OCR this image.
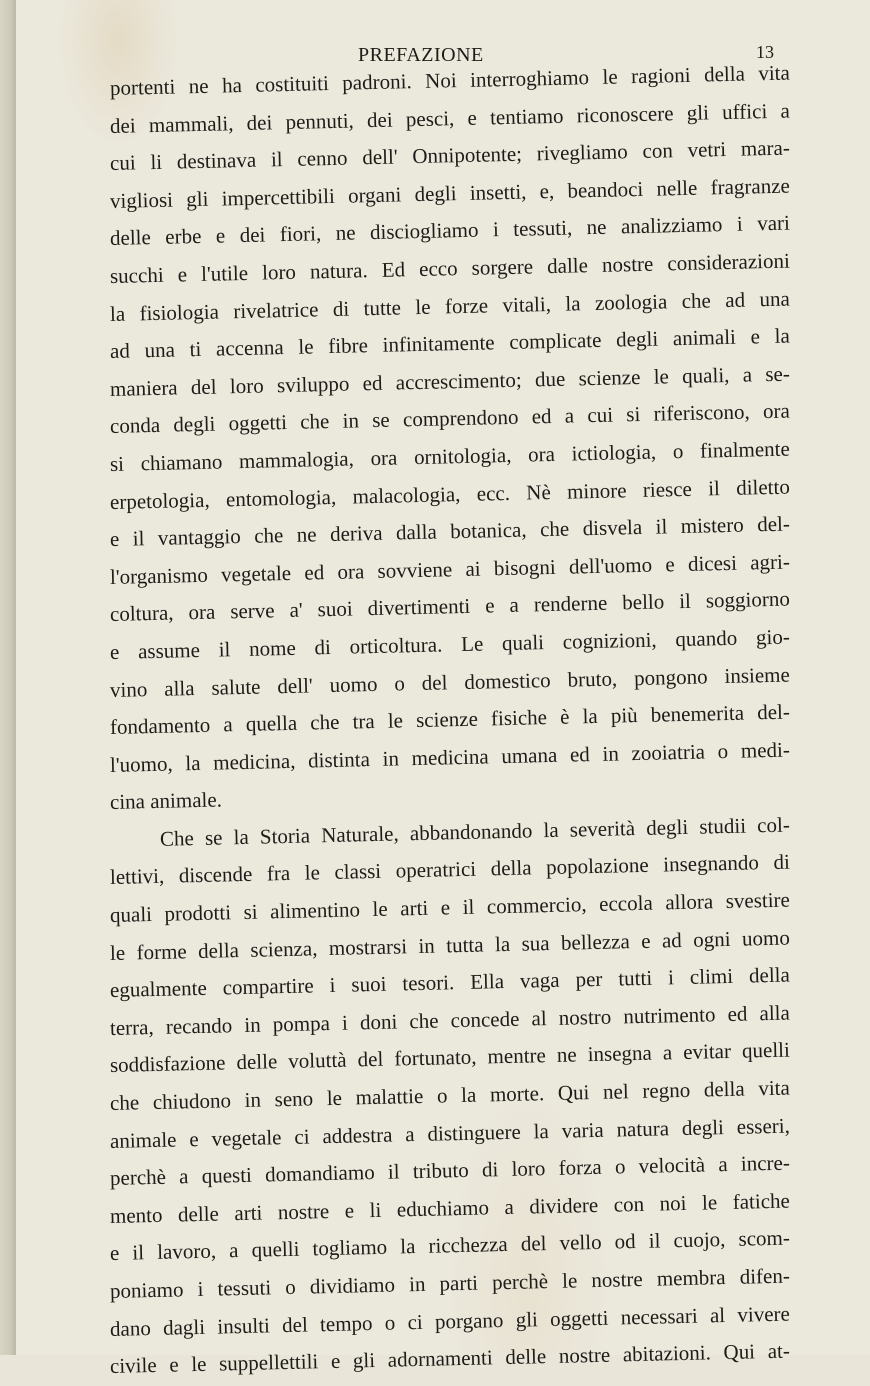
PREFAZIONE	13
portenti ne ha costituiti padroni. Noi interroghiamo le ragioni della vita
dei mammali, dei pennuti, dei pesci, e tentiamo riconoscere gli uffici a
cui li destinava il cenno dell' Onnipotente; rivegliamo con vetri mara-
vigliosi gli impercettibili organi degli insetti, e, beandoci nelle fragranze
delle erbe e dei fiori, ne disciogliamo i tessuti, ne analizziamo i vari
succhi e l'utile loro natura. Ed ecco sorgere dalle nostre considerazioni
la fisiologia rivelatrice di tutte le forze vitali, la zoologia che ad una
ad una ti accenna le fibre infinitamente complicate degli animali e la
maniera del loro sviluppo ed accrescimento; due scienze le quali, a se-
conda degli oggetti che in se comprendono ed a cui si riferiscono, ora
si chiamano mammalogia, ora ornitologia, ora ictiologia, o finalmente
erpetologia, entomologia, malacologia, ecc. Nè minore riesce il diletto
e il vantaggio che ne deriva dalla botanica, che disvela il mistero del-
l'organismo vegetale ed ora sovviene ai bisogni dell'uomo e dicesi agri-
coltura, ora serve a' suoi divertimenti e a renderne bello il soggiorno
e assume il nome di orticoltura. Le quali cognizioni, quando gio-
vino alla salute dell' uomo o del domestico bruto, pongono insieme
fondamento a quella che tra le scienze fisiche è la più benemerita del-
l'uomo, la medicina, distinta in medicina umana ed in zooiatria o medi-
cina animale.
Che se la Storia Naturale, abbandonando la severità degli studii col-
lettivi, discende fra le classi operatrici della popolazione insegnando di
quali prodotti si alimentino le arti e il commercio, eccola allora svestire
le forme della scienza, mostrarsi in tutta la sua bellezza e ad ogni uomo
egualmente compartire i suoi tesori. Ella vaga per tutti i climi della
terra, recando in pompa i doni che concede al nostro nutrimento ed alla
soddisfazione delle voluttà del fortunato, mentre ne insegna a evitar quelli
che chiudono in seno le malattie o la morte. Qui nel regno della vita
animale e vegetale ci addestra a distinguere la varia natura degli esseri,
perchè a questi domandiamo il tributo di loro forza o velocità a incre-
mento delle arti nostre e li educhiamo a dividere con noi le fatiche
e il lavoro, a quelli togliamo la ricchezza del vello od il cuojo, scom-
poniamo i tessuti o dividiamo in parti perchè le nostre membra difen-
dano dagli insulti del tempo o ci porgano gli oggetti necessari al vivere
civile e le suppellettili e gli adornamenti delle nostre abitazioni. Qui at-
